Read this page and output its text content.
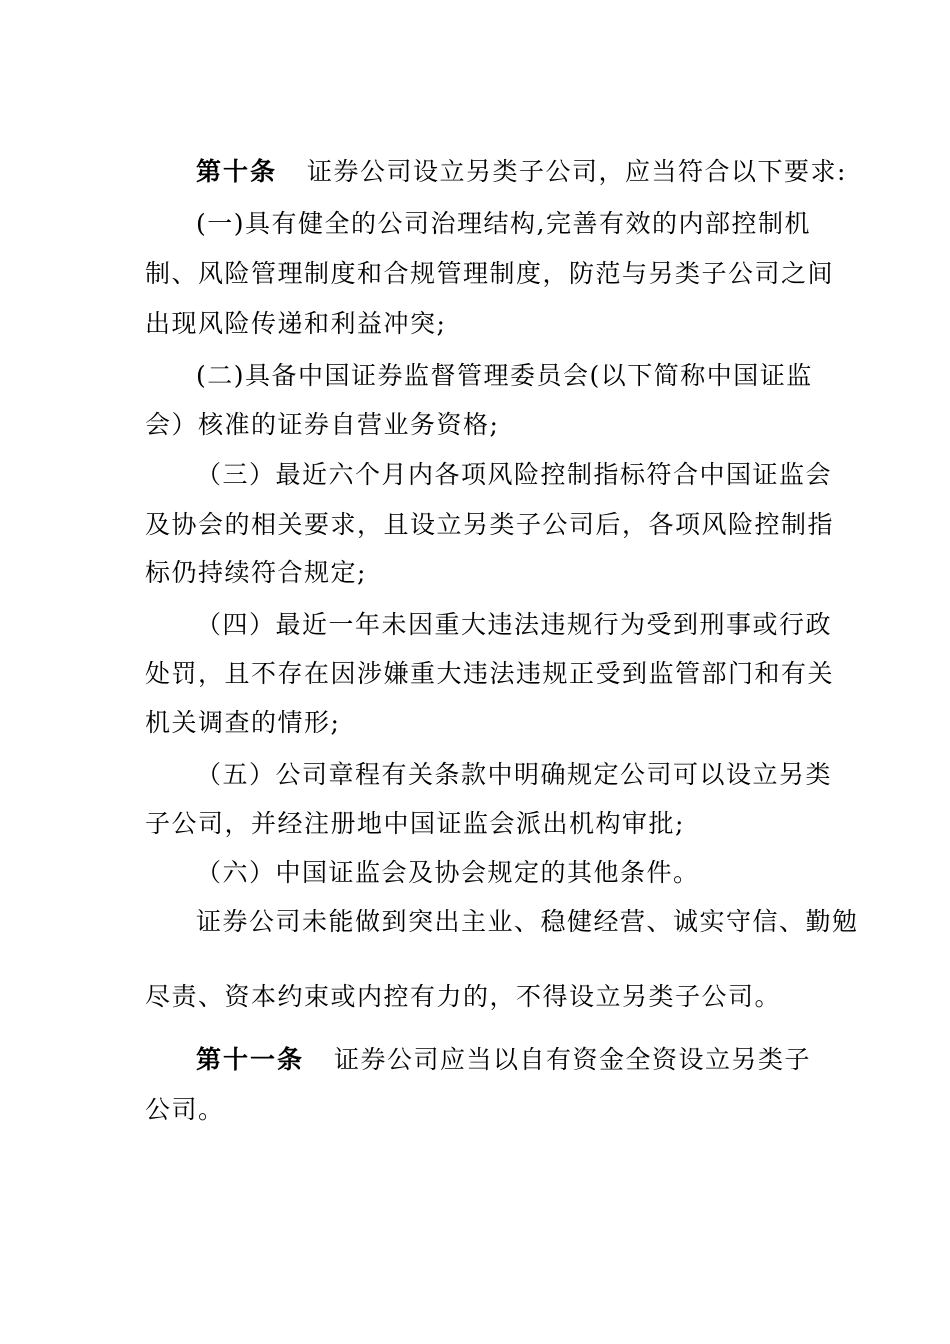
第十条 证券公司设立另类子公司，应当符合以下要求:
(一)具有健全的公司治理结构,完善有效的内部控制机
制、风险管理制度和合规管理制度，防范与另类子公司之间
出现风险传递和利益冲突;
(二)具备中国证券监督管理委员会(以下简称中国证监
会）核准的证券自营业务资格;
（三）最近六个月内各项风险控制指标符合中国证监会
及协会的相关要求，且设立另类子公司后，各项风险控制指
标仍持续符合规定;
（四）最近一年未因重大违法违规行为受到刑事或行政
处罚，且不存在因涉嫌重大违法违规正受到监管部门和有关
机关调查的情形;
（五）公司章程有关条款中明确规定公司可以设立另类
子公司，并经注册地中国证监会派出机构审批;
（六）中国证监会及协会规定的其他条件。
证券公司未能做到突出主业、稳健经营、诚实守信、勤勉
尽责、资本约束或内控有力的，不得设立另类子公司。
第十一条 证券公司应当以自有资金全资设立另类子
公司。
